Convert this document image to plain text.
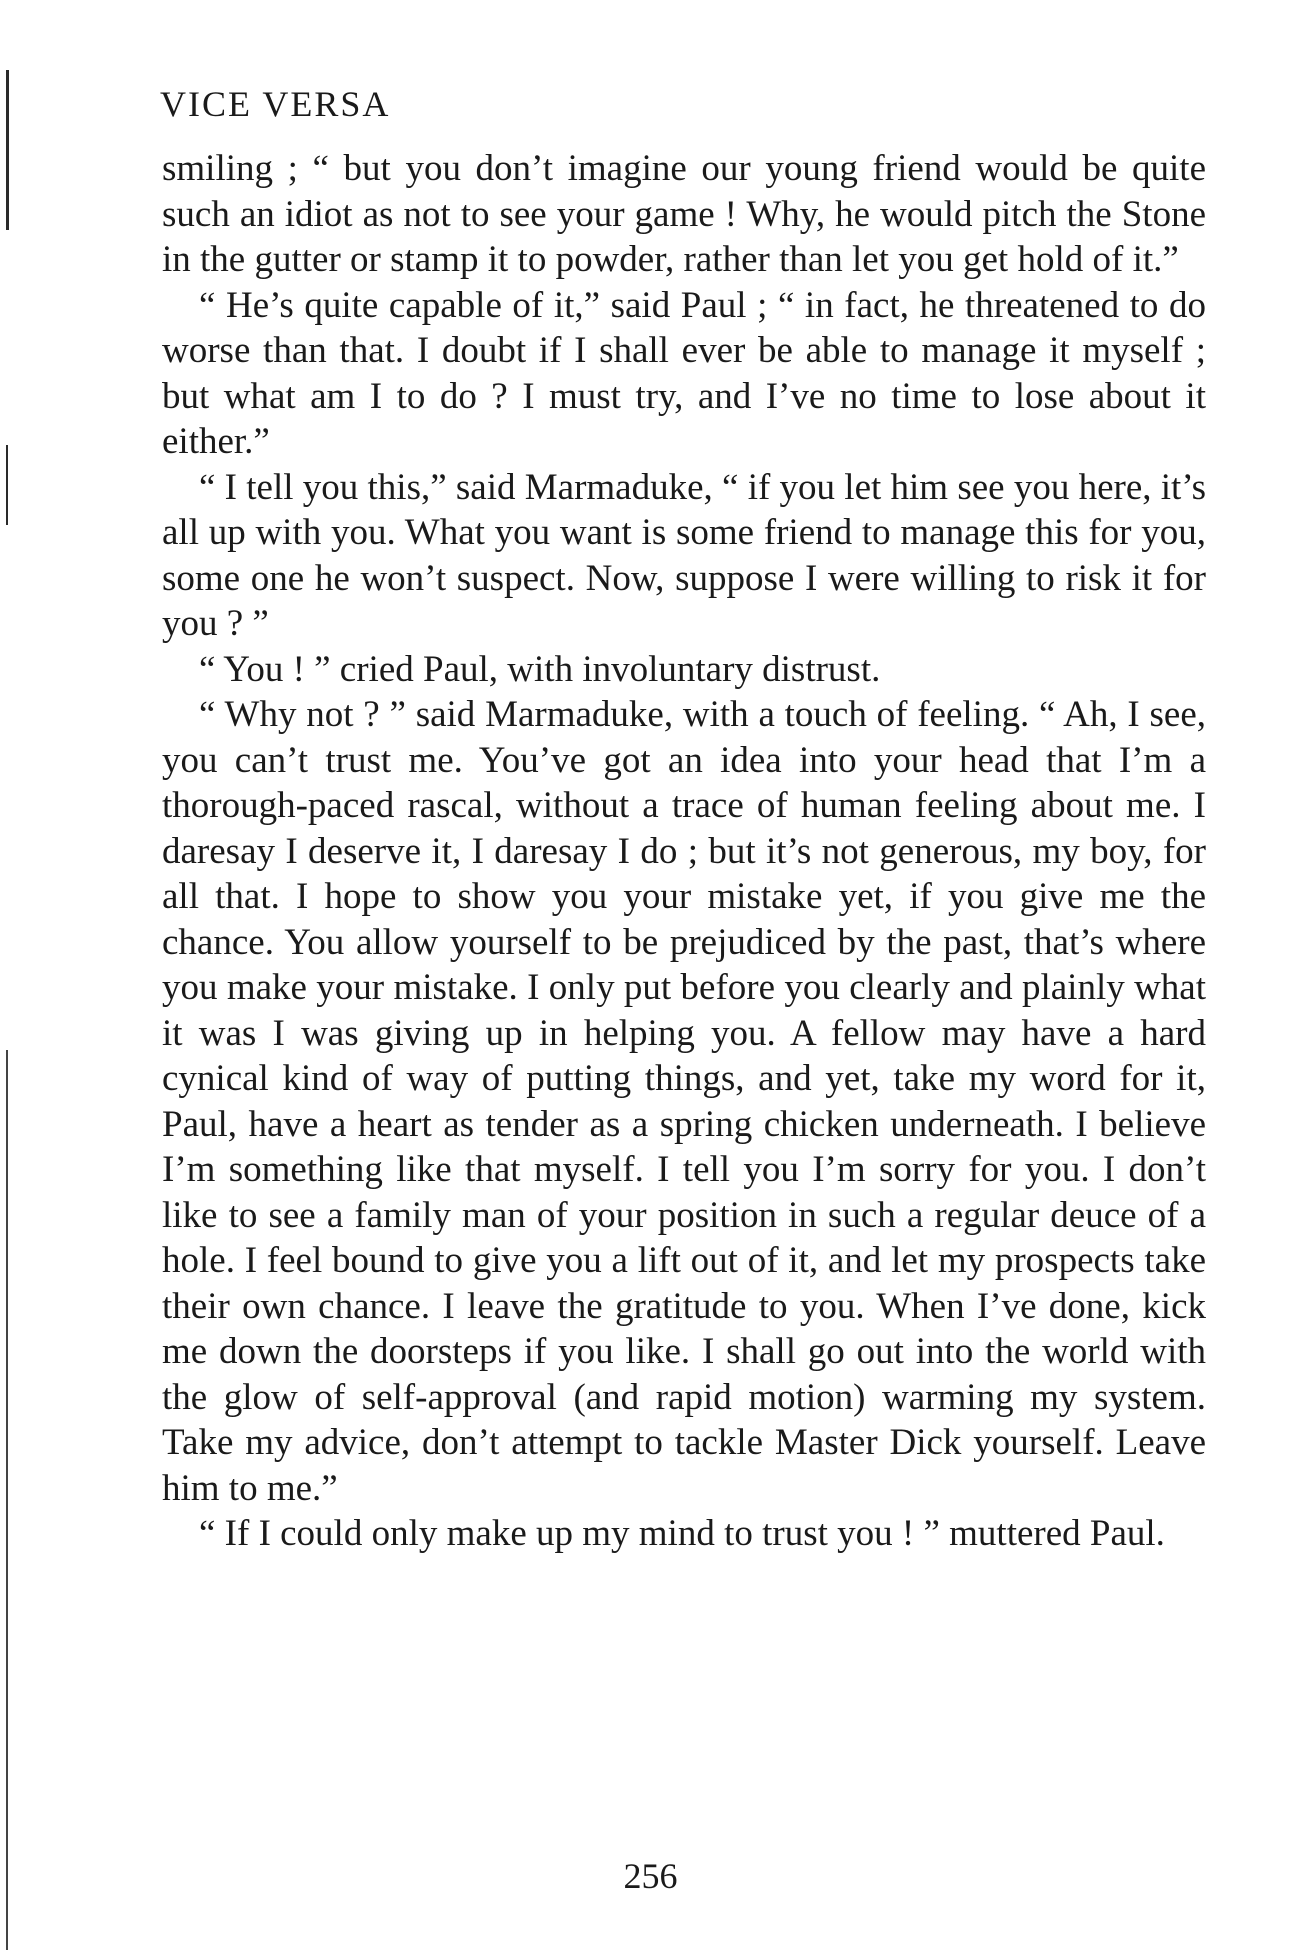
VICE VERSA

smiling ; “ but you don’t imagine our young friend would be quite such an idiot as not to see your game ! Why, he would pitch the Stone in the gutter or stamp it to powder, rather than let you get hold of it.”

“ He’s quite capable of it,” said Paul ; “ in fact, he threatened to do worse than that. I doubt if I shall ever be able to manage it myself ; but what am I to do ? I must try, and I’ve no time to lose about it either.”

“ I tell you this,” said Marmaduke, “ if you let him see you here, it’s all up with you. What you want is some friend to manage this for you, some one he won’t suspect. Now, suppose I were willing to risk it for you ? ”

“ You ! ” cried Paul, with involuntary distrust.

“ Why not ? ” said Marmaduke, with a touch of feeling. “ Ah, I see, you can’t trust me. You’ve got an idea into your head that I’m a thorough-paced rascal, without a trace of human feeling about me. I daresay I deserve it, I daresay I do ; but it’s not generous, my boy, for all that. I hope to show you your mistake yet, if you give me the chance. You allow yourself to be prejudiced by the past, that’s where you make your mistake. I only put before you clearly and plainly what it was I was giving up in helping you. A fellow may have a hard cynical kind of way of putting things, and yet, take my word for it, Paul, have a heart as tender as a spring chicken underneath. I believe I’m something like that myself. I tell you I’m sorry for you. I don’t like to see a family man of your position in such a regular deuce of a hole. I feel bound to give you a lift out of it, and let my prospects take their own chance. I leave the gratitude to you. When I’ve done, kick me down the doorsteps if you like. I shall go out into the world with the glow of self-approval (and rapid motion) warming my system. Take my advice, don’t attempt to tackle Master Dick yourself. Leave him to me.”

“ If I could only make up my mind to trust you ! ” muttered Paul.

256
